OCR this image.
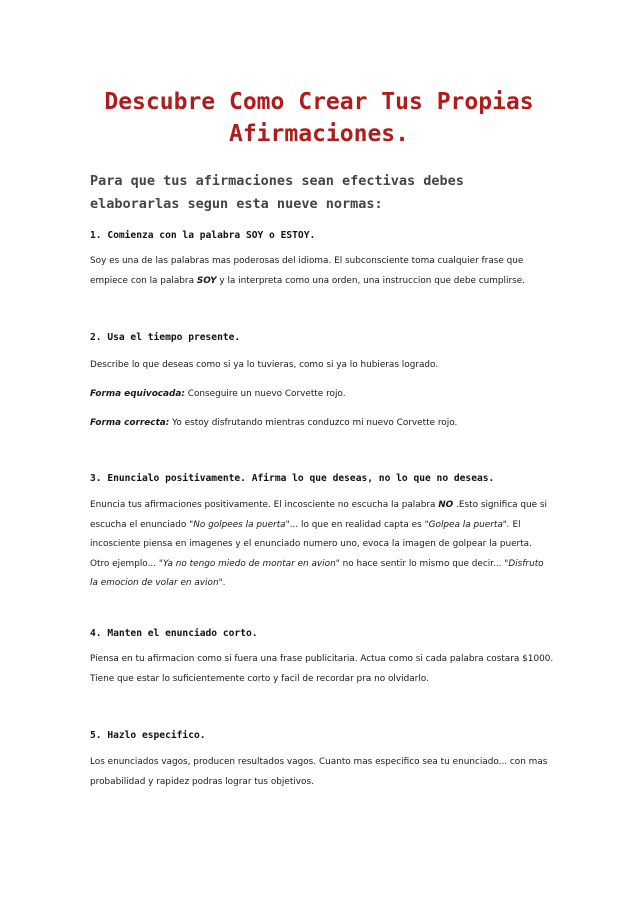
Descubre Como Crear Tus Propias Afirmaciones.

Para que tus afirmaciones sean efectivas debes elaborarlas segun esta nueve normas:

1. Comienza con la palabra SOY o ESTOY.

Soy es una de las palabras mas poderosas del idioma. El subconsciente toma cualquier frase que empiece con la palabra SOY y la interpreta como una orden, una instruccion que debe cumplirse.

2. Usa el tiempo presente.

Describe lo que deseas como si ya lo tuvieras, como si ya lo hubieras logrado.

Forma equivocada: Conseguire un nuevo Corvette rojo.

Forma correcta: Yo estoy disfrutando mientras conduzco mi nuevo Corvette rojo.

3. Enuncialo positivamente. Afirma lo que deseas, no lo que no deseas.

Enuncia tus afirmaciones positivamente. El incosciente no escucha la palabra NO .Esto significa que si escucha el enunciado "No golpees la puerta"... lo que en realidad capta es "Golpea la puerta". El incosciente piensa en imagenes y el enunciado numero uno, evoca la imagen de golpear la puerta. Otro ejemplo... "Ya no tengo miedo de montar en avion" no hace sentir lo mismo que decir... "Disfruto la emocion de volar en avion".

4. Manten el enunciado corto.

Piensa en tu afirmacion como si fuera una frase publicitaria. Actua como si cada palabra costara $1000. Tiene que estar lo suficientemente corto y facil de recordar pra no olvidarlo.

5. Hazlo especifico.

Los enunciados vagos, producen resultados vagos. Cuanto mas especifico sea tu enunciado... con mas probabilidad y rapidez podras lograr tus objetivos.
